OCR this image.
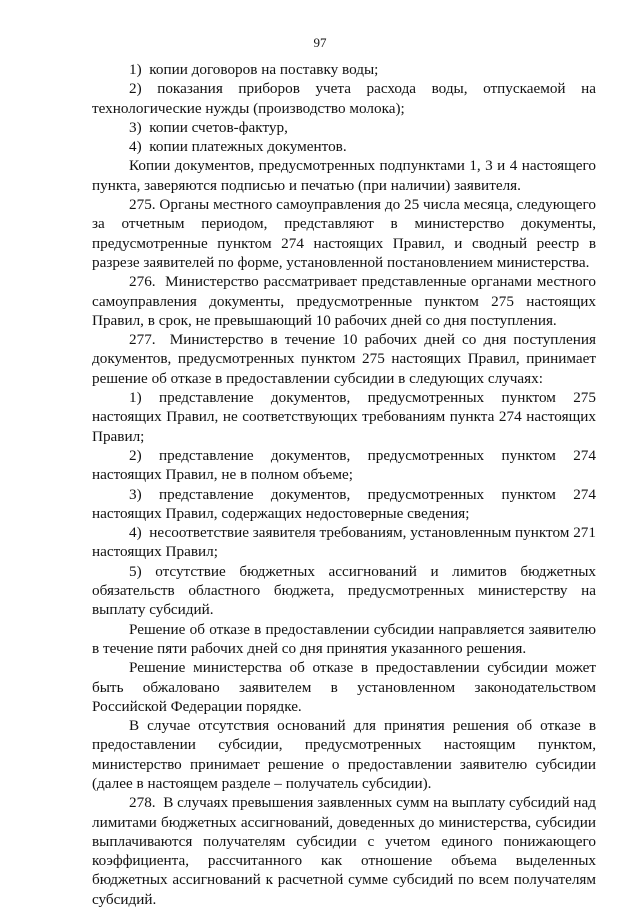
97

1)  копии договоров на поставку воды;

2) показания приборов учета расхода воды, отпускаемой на технологические нужды (производство молока);

3)  копии счетов-фактур,

4)  копии платежных документов.

Копии документов, предусмотренных подпунктами 1, 3 и 4 настоящего пункта, заверяются подписью и печатью (при наличии) заявителя.

275. Органы местного самоуправления до 25 числа месяца, следующего за отчетным периодом, представляют в министерство документы, предусмотренные пунктом 274 настоящих Правил, и сводный реестр в разрезе заявителей по форме, установленной постановлением министерства.

276.  Министерство рассматривает представленные органами местного самоуправления документы, предусмотренные пунктом 275 настоящих Правил, в срок, не превышающий 10 рабочих дней со дня поступления.

277.  Министерство в течение 10 рабочих дней со дня поступления документов, предусмотренных пунктом 275 настоящих Правил, принимает решение об отказе в предоставлении субсидии в следующих случаях:

1) представление документов, предусмотренных пунктом 275 настоящих Правил, не соответствующих требованиям пункта 274 настоящих Правил;

2) представление документов, предусмотренных пунктом 274 настоящих Правил, не в полном объеме;

3) представление документов, предусмотренных пунктом 274 настоящих Правил, содержащих недостоверные сведения;

4)  несоответствие заявителя требованиям, установленным пунктом 271 настоящих Правил;

5) отсутствие бюджетных ассигнований и лимитов бюджетных обязательств областного бюджета, предусмотренных министерству на выплату субсидий.

Решение об отказе в предоставлении субсидии направляется заявителю в течение пяти рабочих дней со дня принятия указанного решения.

Решение министерства об отказе в предоставлении субсидии может быть обжаловано заявителем в установленном законодательством Российской Федерации порядке.

В случае отсутствия оснований для принятия решения об отказе в предоставлении субсидии, предусмотренных настоящим пунктом, министерство принимает решение о предоставлении заявителю субсидии (далее в настоящем разделе – получатель субсидии).

278.  В случаях превышения заявленных сумм на выплату субсидий над лимитами бюджетных ассигнований, доведенных до министерства, субсидии выплачиваются получателям субсидии с учетом единого понижающего коэффициента, рассчитанного как отношение объема выделенных бюджетных ассигнований к расчетной сумме субсидий по всем получателям субсидий.
